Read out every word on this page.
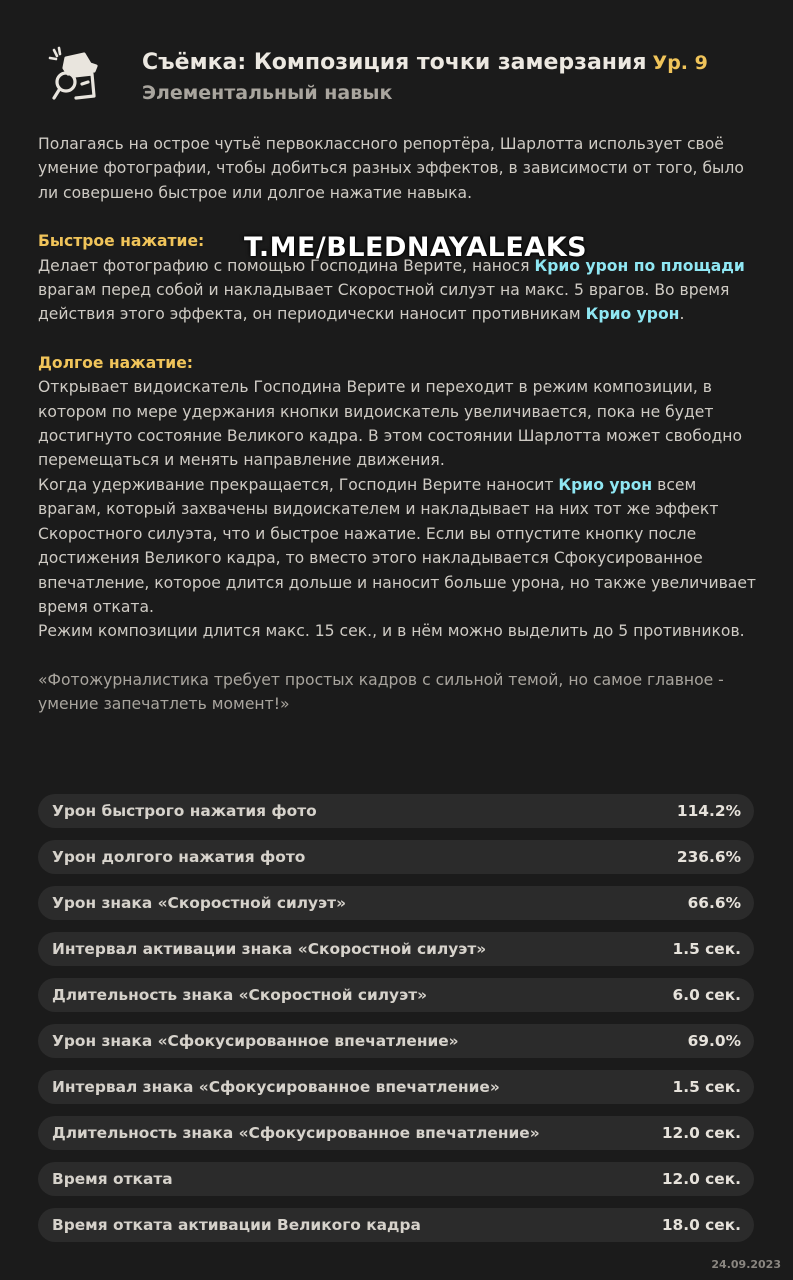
Съёмка: Композиция точки замерзания Ур. 9
Элементальный навык

Полагаясь на острое чутьё первоклассного репортёра, Шарлотта использует своё умение фотографии, чтобы добиться разных эффектов, в зависимости от того, было ли совершено быстрое или долгое нажатие навыка.

Быстрое нажатие:

Делает фотографию с помощью Господина Верите, нанося Крио урон по площади врагам перед собой и накладывает Скоростной силуэт на макс. 5 врагов. Во время действия этого эффекта, он периодически наносит противникам Крио урон.

Долгое нажатие:

Открывает видоискатель Господина Верите и переходит в режим композиции, в котором по мере удержания кнопки видоискатель увеличивается, пока не будет достигнуто состояние Великого кадра. В этом состоянии Шарлотта может свободно перемещаться и менять направление движения.

Когда удерживание прекращается, Господин Верите наносит Крио урон всем врагам, который захвачены видоискателем и накладывает на них тот же эффект Скоростного силуэта, что и быстрое нажатие. Если вы отпустите кнопку после достижения Великого кадра, то вместо этого накладывается Сфокусированное впечатление, которое длится дольше и наносит больше урона, но также увеличивает время отката.

Режим композиции длится макс. 15 сек., и в нём можно выделить до 5 противников.

«Фотожурналистика требует простых кадров с сильной темой, но самое главное - умение запечатлеть момент!»

T.ME/BLEDNAYALEAKS
Урон быстрого нажатия фото	114.2%
Урон долгого нажатия фото	236.6%
Урон знака «Скоростной силуэт»	66.6%
Интервал активации знака «Скоростной силуэт»	1.5 сек.
Длительность знака «Скоростной силуэт»	6.0 сек.
Урон знака «Сфокусированное впечатление»	69.0%
Интервал знака «Сфокусированное впечатление»	1.5 сек.
Длительность знака «Сфокусированное впечатление»	12.0 сек.
Время отката	12.0 сек.
Время отката активации Великого кадра	18.0 сек.
24.09.2023
